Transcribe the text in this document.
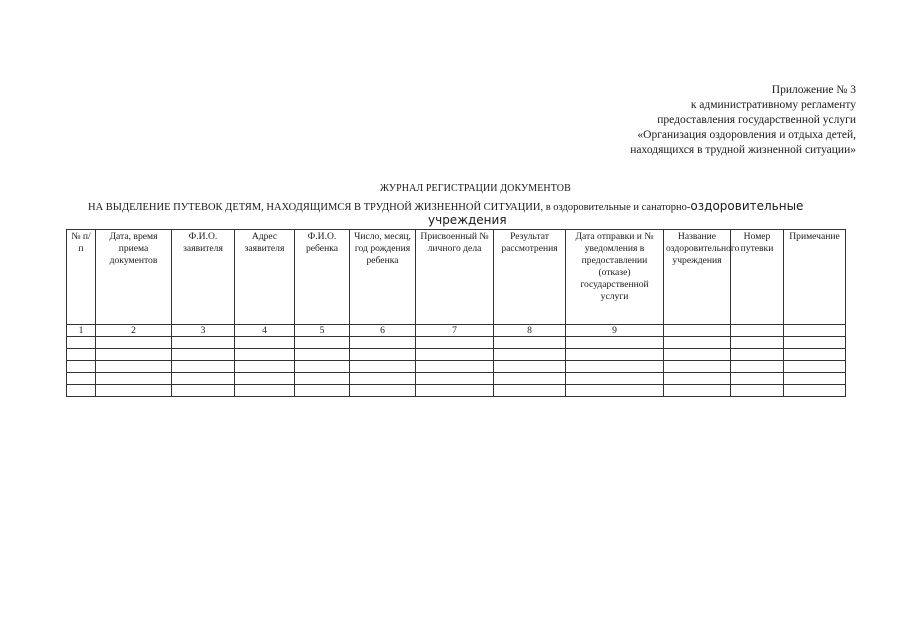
Приложение № 3
к административному регламенту
предоставления государственной услуги
«Организация оздоровления и отдыха детей,
находящихся в трудной жизненной ситуации»
ЖУРНАЛ РЕГИСТРАЦИИ ДОКУМЕНТОВ
НА ВЫДЕЛЕНИЕ ПУТЕВОК ДЕТЯМ, НАХОДЯЩИМСЯ В ТРУДНОЙ ЖИЗНЕННОЙ СИТУАЦИИ, в оздоровительные и санаторно-оздоровительные
учреждения
№ п/п	Дата, время приема документов	Ф.И.О. заявителя	Адрес заявителя	Ф.И.О. ребенка	Число, месяц, год рождения ребенка	Присвоенный № личного дела	Результат рассмотрения	Дата отправки и № уведомления в предоставлении (отказе) государственной услуги	Название оздоровительного учреждения	Номер путевки	Примечание
1	2	3	4	5	6	7	8	9			
